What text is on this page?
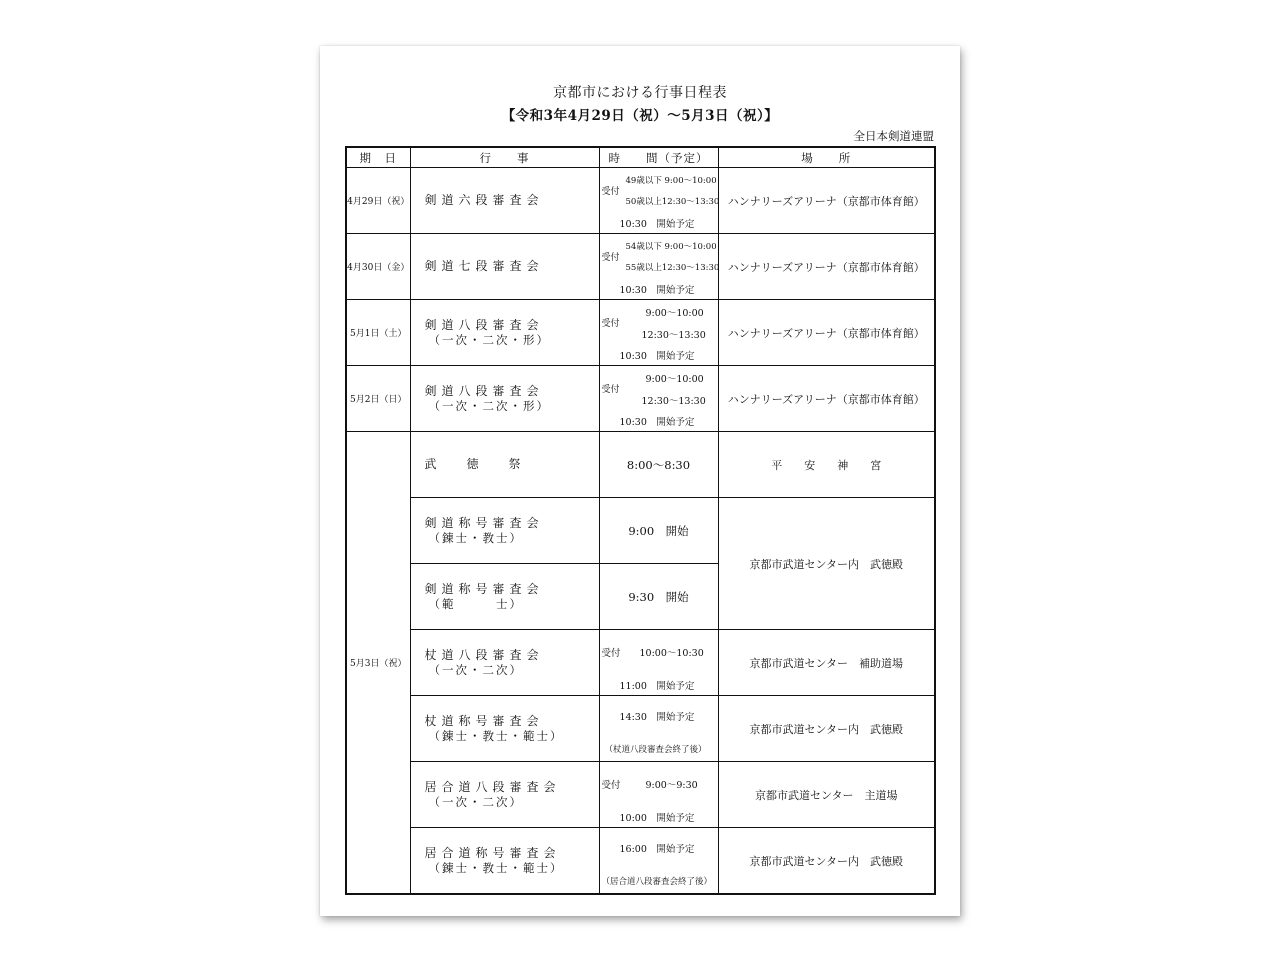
京都市における行事日程表
【令和3年4月29日（祝）〜5月3日（祝）】
全日本剣道連盟
期　日	行　　事	時　　間（予定）	場　　所
4月29日（祝）	剣道六段審査会	受付
49歳以下 9:00〜10:00
50歳以上12:30〜13:30
10:30　開始予定	ハンナリーズアリーナ（京都市体育館）
4月30日（金）	剣道七段審査会	受付
54歳以下 9:00〜10:00
55歳以上12:30〜13:30
10:30　開始予定	ハンナリーズアリーナ（京都市体育館）
5月1日（土）	剣道八段審査会
（一次・二次・形）	受付
9:00〜10:00
12:30〜13:30
10:30　開始予定	ハンナリーズアリーナ（京都市体育館）
5月2日（日）	剣道八段審査会
（一次・二次・形）	受付
9:00〜10:00
12:30〜13:30
10:30　開始予定	ハンナリーズアリーナ（京都市体育館）
5月3日（祝）	武　　徳　　祭	8:00〜8:30	平　　安　　神　　宮
	剣道称号審査会
（錬士・教士）	9:00　開始	京都市武道センター内　武徳殿
	剣道称号審査会
（範　　　士）	9:30　開始	
	杖道八段審査会
（一次・二次）	受付 10:00〜10:30
11:00　開始予定	京都市武道センター　補助道場
	杖道称号審査会
（錬士・教士・範士）	14:30　開始予定
（杖道八段審査会終了後）	京都市武道センター内　武徳殿
	居合道八段審査会
（一次・二次）	受付 9:00〜9:30
10:00　開始予定	京都市武道センター　主道場
	居合道称号審査会
（錬士・教士・範士）	16:00　開始予定
（居合道八段審査会終了後）	京都市武道センター内　武徳殿
